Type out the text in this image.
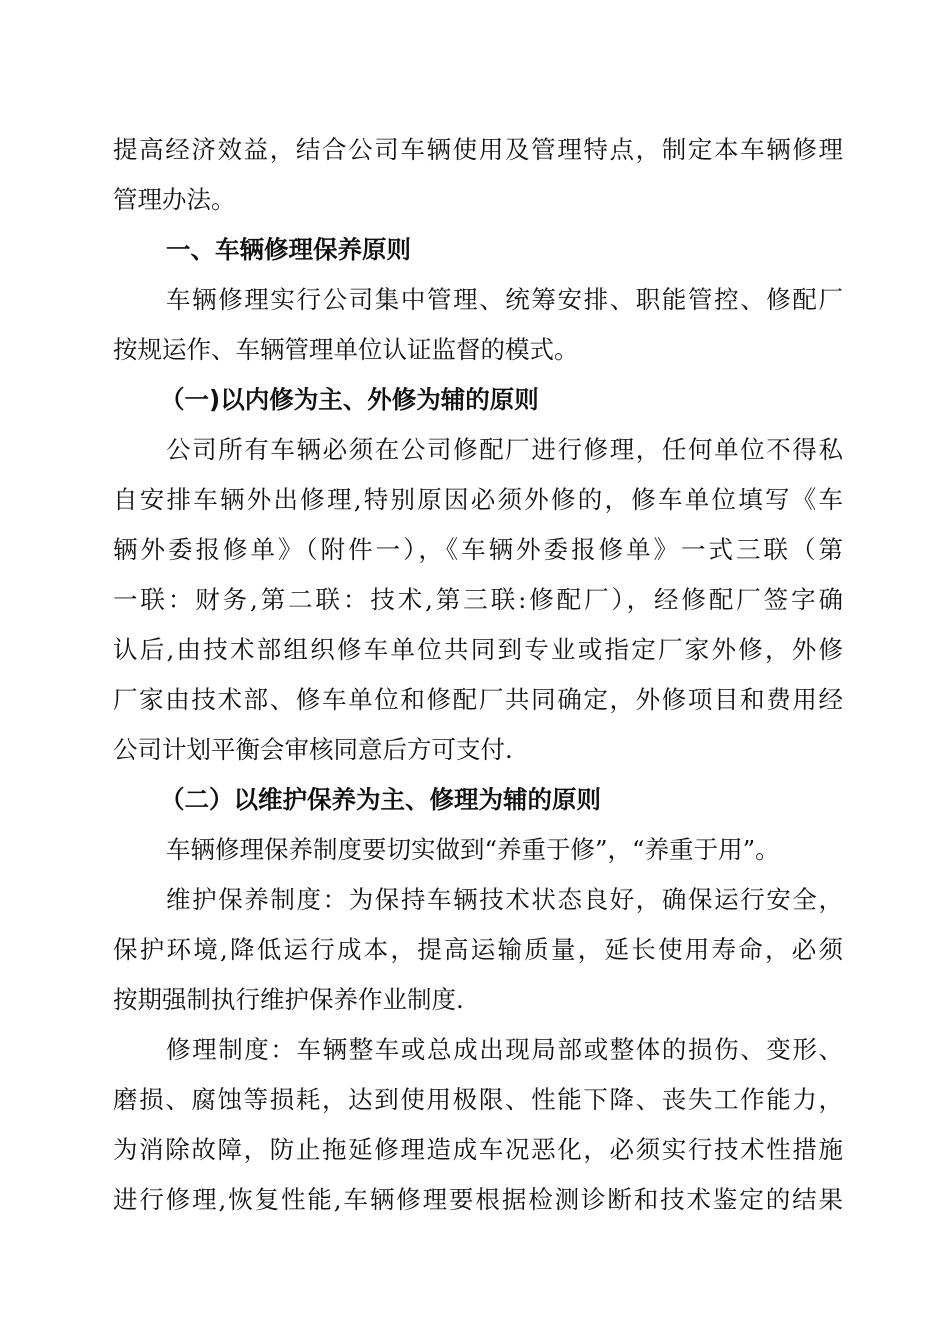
提高经济效益，结合公司车辆使用及管理特点，制定本车辆修理
管理办法。
一、车辆修理保养原则
车辆修理实行公司集中管理、统筹安排、职能管控、修配厂
按规运作、车辆管理单位认证监督的模式。
（一)以内修为主、外修为辅的原则
公司所有车辆必须在公司修配厂进行修理，任何单位不得私
自安排车辆外出修理,特别原因必须外修的，修车单位填写《车
辆外委报修单》（附件一），《车辆外委报修单》一式三联（第
一联：财务,第二联：技术,第三联:修配厂），经修配厂签字确
认后,由技术部组织修车单位共同到专业或指定厂家外修，外修
厂家由技术部、修车单位和修配厂共同确定，外修项目和费用经
公司计划平衡会审核同意后方可支付.
（二）以维护保养为主、修理为辅的原则
车辆修理保养制度要切实做到“养重于修”，“养重于用”。
维护保养制度：为保持车辆技术状态良好，确保运行安全，
保护环境,降低运行成本，提高运输质量，延长使用寿命，必须
按期强制执行维护保养作业制度.
修理制度：车辆整车或总成出现局部或整体的损伤、变形、
磨损、腐蚀等损耗，达到使用极限、性能下降、丧失工作能力，
为消除故障，防止拖延修理造成车况恶化，必须实行技术性措施
进行修理,恢复性能,车辆修理要根据检测诊断和技术鉴定的结果
